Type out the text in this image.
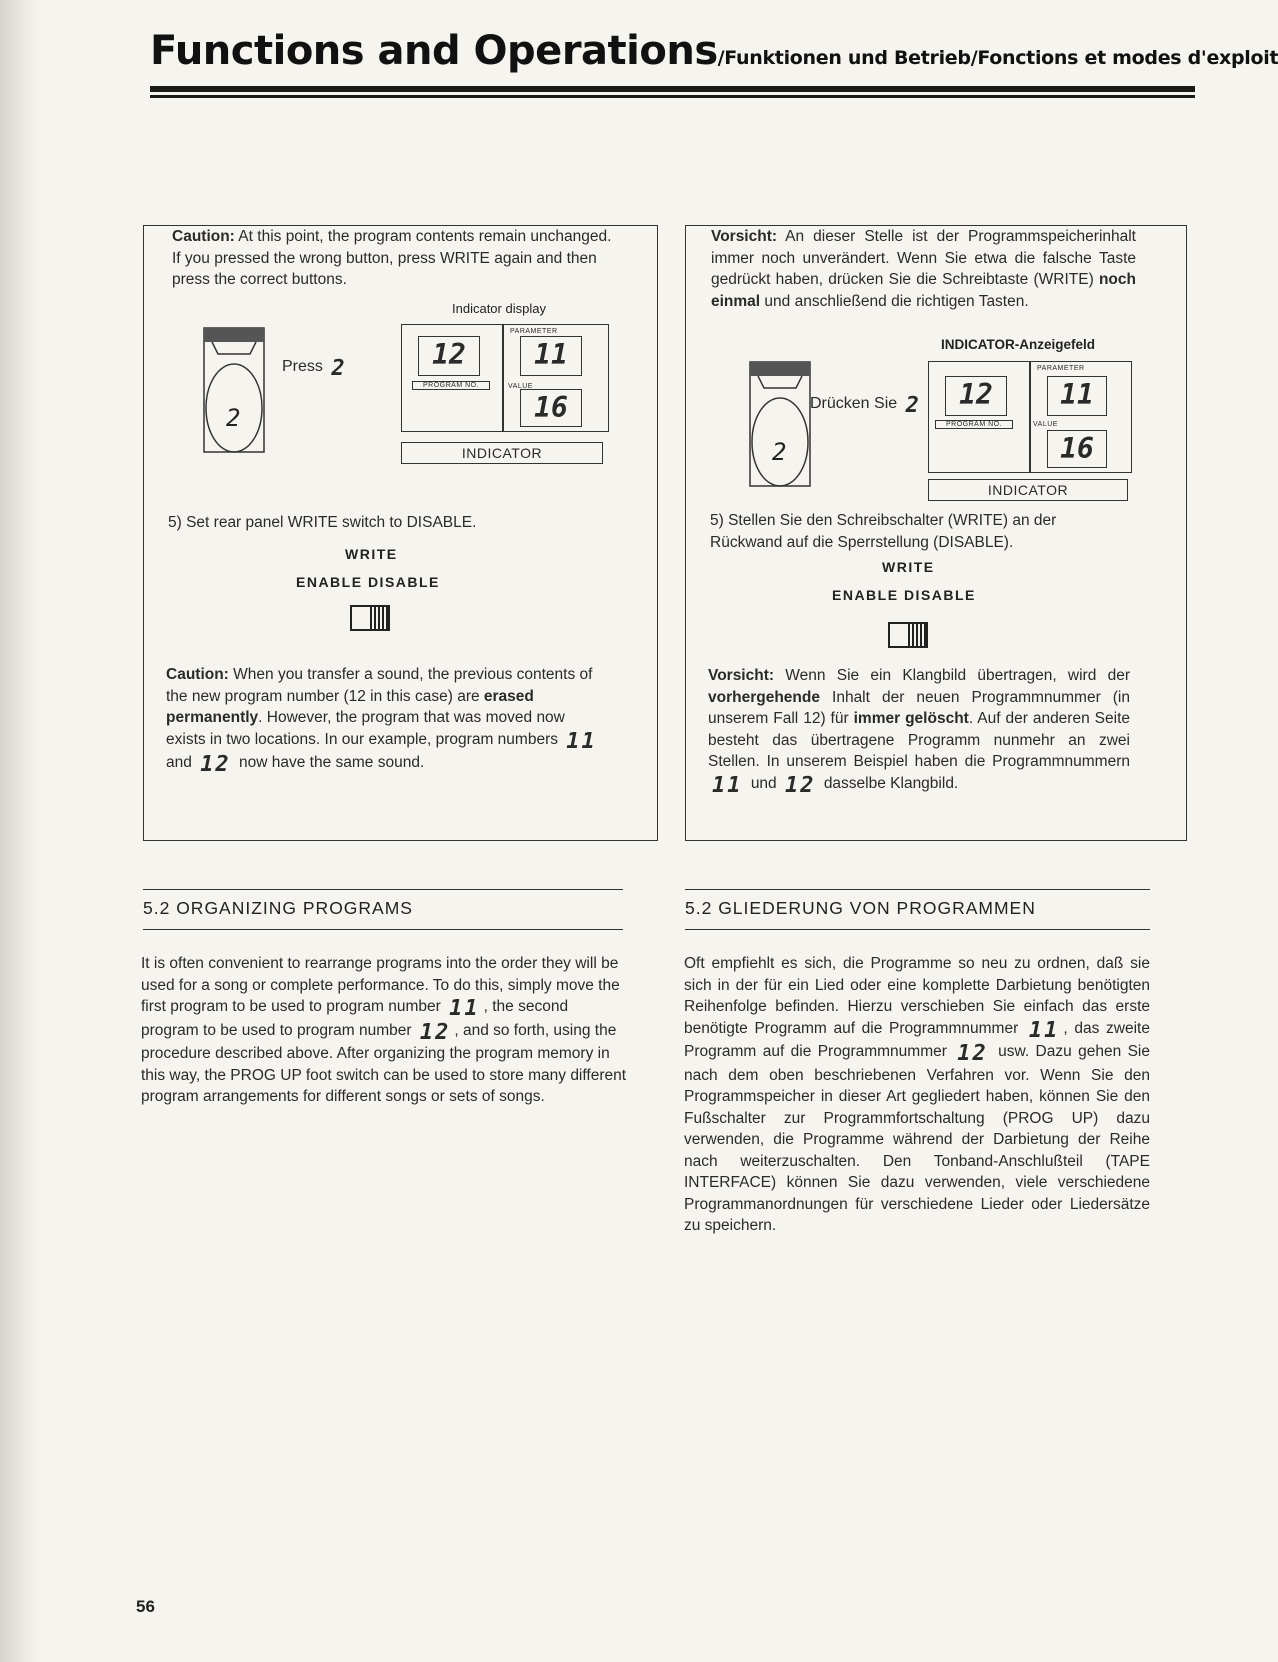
Functions and Operations/Funktionen und Betrieb/Fonctions et modes d'exploit
Caution: At this point, the program contents remain unchanged. If you pressed the wrong button, press WRITE again and then press the correct buttons.
Indicator display
2
Press 2
PARAMETER
12
PROGRAM NO.
11
VALUE
16
INDICATOR
5) Set rear panel WRITE switch to DISABLE.
WRITE
ENABLE DISABLE
Caution: When you transfer a sound, the previous contents of the new program number (12 in this case) are erased permanently. However, the program that was moved now exists in two locations. In our example, program numbers 11 and 12 now have the same sound.
Vorsicht: An dieser Stelle ist der Programmspeicherinhalt immer noch unverändert. Wenn Sie etwa die falsche Taste gedrückt haben, drücken Sie die Schreibtaste (WRITE) noch einmal und anschließend die richtigen Tasten.
INDICATOR-Anzeigefeld
2
Drücken Sie 2
PARAMETER
12
PROGRAM NO.
11
VALUE
16
INDICATOR
5) Stellen Sie den Schreibschalter (WRITE) an der Rückwand auf die Sperrstellung (DISABLE).
WRITE
ENABLE DISABLE
Vorsicht: Wenn Sie ein Klangbild übertragen, wird der vorhergehende Inhalt der neuen Programmnummer (in unserem Fall 12) für immer gelöscht. Auf der anderen Seite besteht das übertragene Programm nunmehr an zwei Stellen. In unserem Beispiel haben die Programmnummern 11 und 12 dasselbe Klangbild.
5.2 ORGANIZING PROGRAMS	5.2 GLIEDERUNG VON PROGRAMMEN
It is often convenient to rearrange programs into the order they will be used for a song or complete performance. To do this, simply move the first program to be used to program number 11 , the second program to be used to program number 12 , and so forth, using the procedure described above. After organizing the program memory in this way, the PROG UP foot switch can be used to store many different program arrangements for different songs or sets of songs.
Oft empfiehlt es sich, die Programme so neu zu ordnen, daß sie sich in der für ein Lied oder eine komplette Darbietung benötigten Reihenfolge befinden. Hierzu verschieben Sie einfach das erste benötigte Programm auf die Programmnummer 11 , das zweite Programm auf die Programmnummer 12 usw. Dazu gehen Sie nach dem oben beschriebenen Verfahren vor. Wenn Sie den Programmspeicher in dieser Art gegliedert haben, können Sie den Fußschalter zur Programmfortschaltung (PROG UP) dazu verwenden, die Programme während der Darbietung der Reihe nach weiterzuschalten. Den Tonband-Anschlußteil (TAPE INTERFACE) können Sie dazu verwenden, viele verschiedene Programmanordnungen für verschiedene Lieder oder Liedersätze zu speichern.
56
